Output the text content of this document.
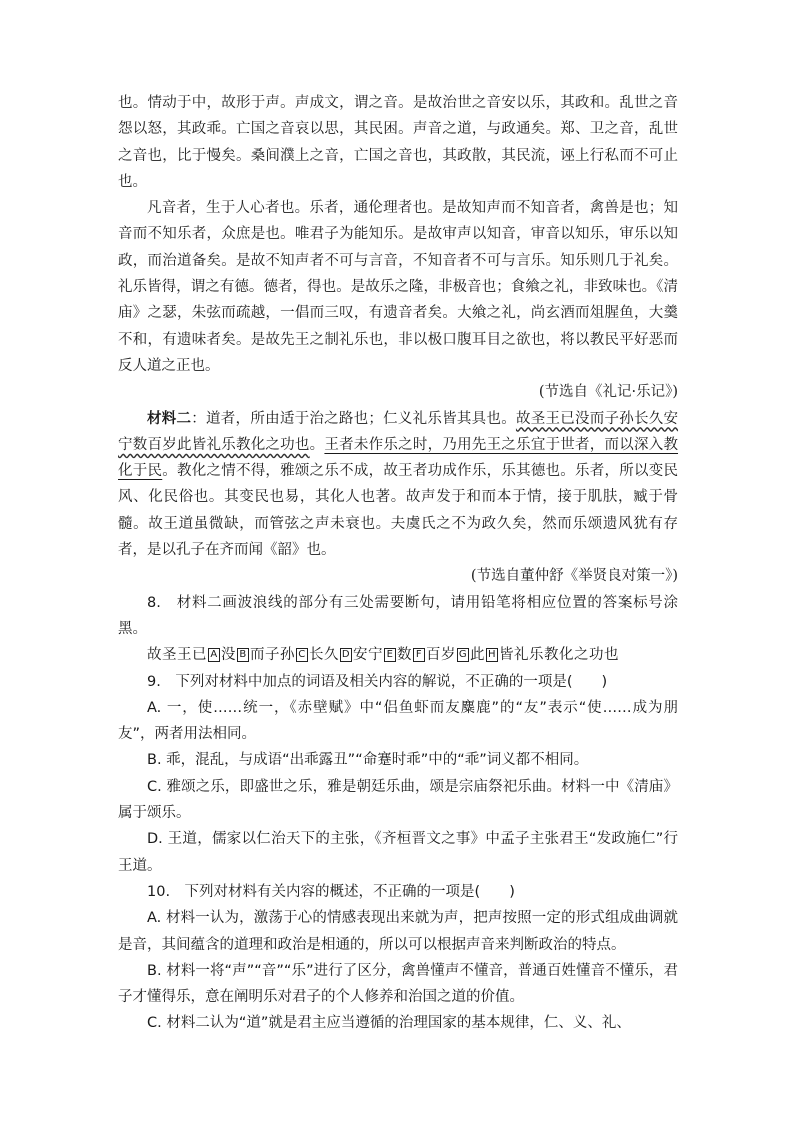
也。情动于中，故形于声。声成文，谓之音。是故治世之音安以乐，其政和。乱世之音怨以怒，其政乖。亡国之音哀以思，其民困。声音之道，与政通矣。郑、卫之音，乱世之音也，比于慢矣。桑间濮上之音，亡国之音也，其政散，其民流，诬上行私而不可止也。

凡音者，生于人心者也。乐者，通伦理者也。是故知声而不知音者，禽兽是也；知音而不知乐者，众庶是也。唯君子为能知乐。是故审声以知音，审音以知乐，审乐以知政，而治道备矣。是故不知声者不可与言音，不知音者不可与言乐。知乐则几于礼矣。礼乐皆得，谓之有德。德者，得也。是故乐之隆，非极音也；食飨之礼，非致味也。《清庙》之瑟，朱弦而疏越，一倡而三叹，有遗音者矣。大飨之礼，尚玄酒而俎腥鱼，大羹不和，有遗味者矣。是故先王之制礼乐也，非以极口腹耳目之欲也，将以教民平好恶而反人道之正也。

(节选自《礼记·乐记》)

材料二：道者，所由适于治之路也；仁义礼乐皆其具也。故圣王已没而子孙长久安宁数百岁此皆礼乐教化之功也。王者未作乐之时，乃用先王之乐宜于世者，而以深入教化于民。教化之情不得，雅颂之乐不成，故王者功成作乐，乐其德也。乐者，所以变民风、化民俗也。其变民也易，其化人也著。故声发于和而本于情，接于肌肤，臧于骨髓。故王道虽微缺，而管弦之声未衰也。夫虞氏之不为政久矣，然而乐颂遗风犹有存者，是以孔子在齐而闻《韶》也。

(节选自董仲舒《举贤良对策一》)

8.　材料二画波浪线的部分有三处需要断句，请用铅笔将相应位置的答案标号涂黑。

故圣王已 A 没 B 而子孙 C 长久 D 安宁 E 数 F 百岁 G 此 H 皆礼乐教化之功也

9.　下列对材料中加点的词语及相关内容的解说，不正确的一项是(　　)

A. 一，使……统一，《赤壁赋》中“侣鱼虾而友麋鹿”的“友”表示“使……成为朋友”，两者用法相同。

B. 乖，混乱，与成语“出乖露丑”“命蹇时乖”中的“乖”词义都不相同。

C. 雅颂之乐，即盛世之乐，雅是朝廷乐曲，颂是宗庙祭祀乐曲。材料一中《清庙》属于颂乐。

D. 王道，儒家以仁治天下的主张，《齐桓晋文之事》中孟子主张君王“发政施仁”行王道。

10.　下列对材料有关内容的概述，不正确的一项是(　　)

A. 材料一认为，激荡于心的情感表现出来就为声，把声按照一定的形式组成曲调就是音，其间蕴含的道理和政治是相通的，所以可以根据声音来判断政治的特点。

B. 材料一将“声”“音”“乐”进行了区分，禽兽懂声不懂音，普通百姓懂音不懂乐，君子才懂得乐，意在阐明乐对君子的个人修养和治国之道的价值。

C. 材料二认为“道”就是君主应当遵循的治理国家的基本规律，仁、义、礼、
